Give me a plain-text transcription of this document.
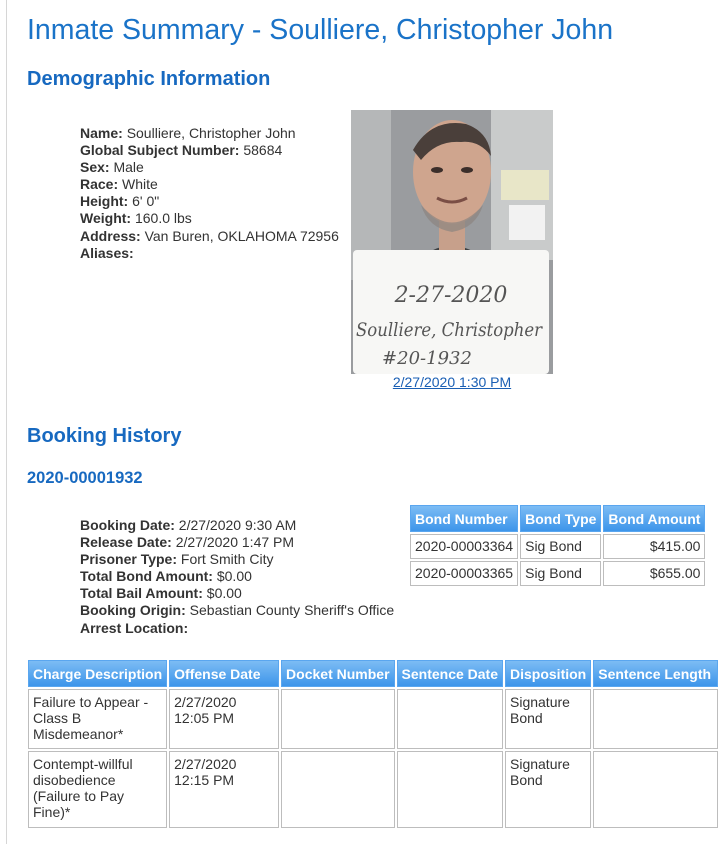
Inmate Summary - Soulliere, Christopher John
Demographic Information
Name: Soulliere, Christopher John
Global Subject Number: 58684
Sex: Male
Race: White
Height: 6' 0"
Weight: 160.0 lbs
Address: Van Buren, OKLAHOMA 72956
Aliases:
2-27-2020
Soulliere, Christopher
#20-1932
2/27/2020 1:30 PM
Booking History
2020-00001932
Booking Date: 2/27/2020 9:30 AM
Release Date: 2/27/2020 1:47 PM
Prisoner Type: Fort Smith City
Total Bond Amount: $0.00
Total Bail Amount: $0.00
Booking Origin: Sebastian County Sheriff's Office
Arrest Location:
Bond Number	Bond Type	Bond Amount
2020-00003364	Sig Bond	$415.00
2020-00003365	Sig Bond	$655.00
Charge Description	Offense Date	Docket Number	Sentence Date	Disposition	Sentence Length
Failure to Appear - Class B Misdemeanor*	2/27/2020 12:05 PM			Signature Bond	
Contempt-willful disobedience (Failure to Pay Fine)*	2/27/2020 12:15 PM			Signature Bond	
